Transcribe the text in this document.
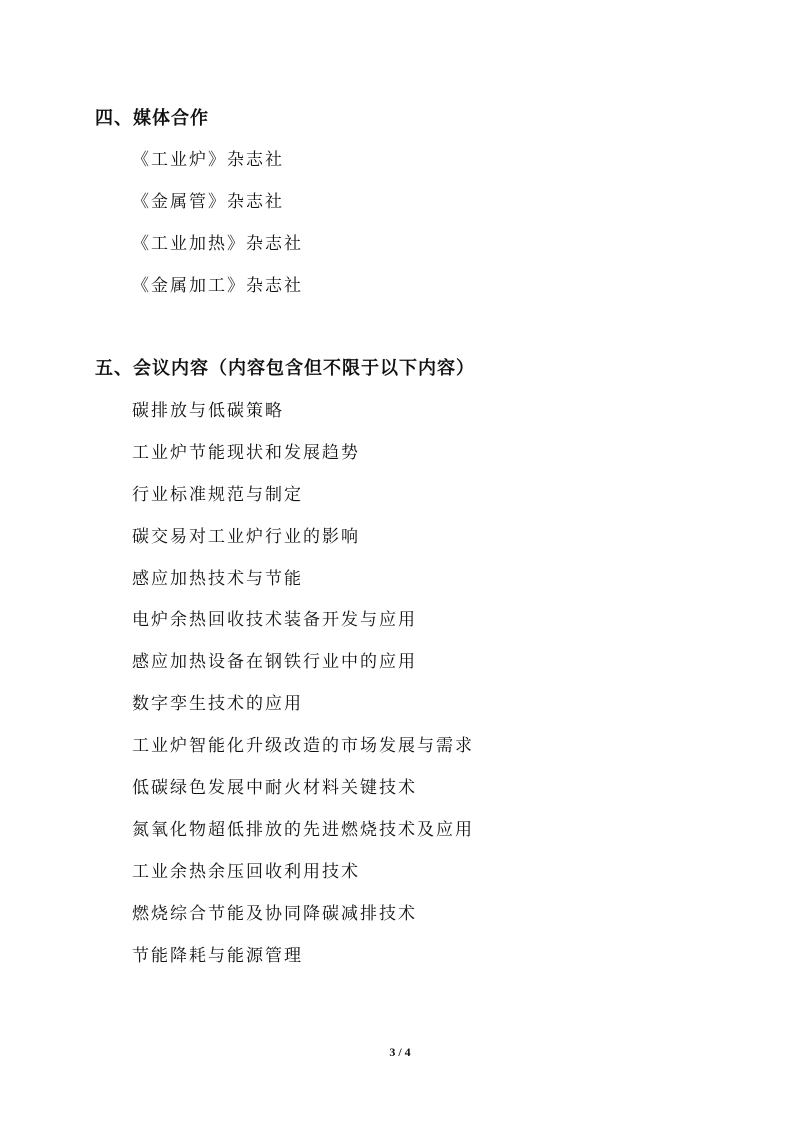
四、媒体合作
《工业炉》杂志社
《金属管》杂志社
《工业加热》杂志社
《金属加工》杂志社
五、会议内容（内容包含但不限于以下内容）
碳排放与低碳策略
工业炉节能现状和发展趋势
行业标准规范与制定
碳交易对工业炉行业的影响
感应加热技术与节能
电炉余热回收技术装备开发与应用
感应加热设备在钢铁行业中的应用
数字孪生技术的应用
工业炉智能化升级改造的市场发展与需求
低碳绿色发展中耐火材料关键技术
氮氧化物超低排放的先进燃烧技术及应用
工业余热余压回收利用技术
燃烧综合节能及协同降碳减排技术
节能降耗与能源管理
3 / 4
